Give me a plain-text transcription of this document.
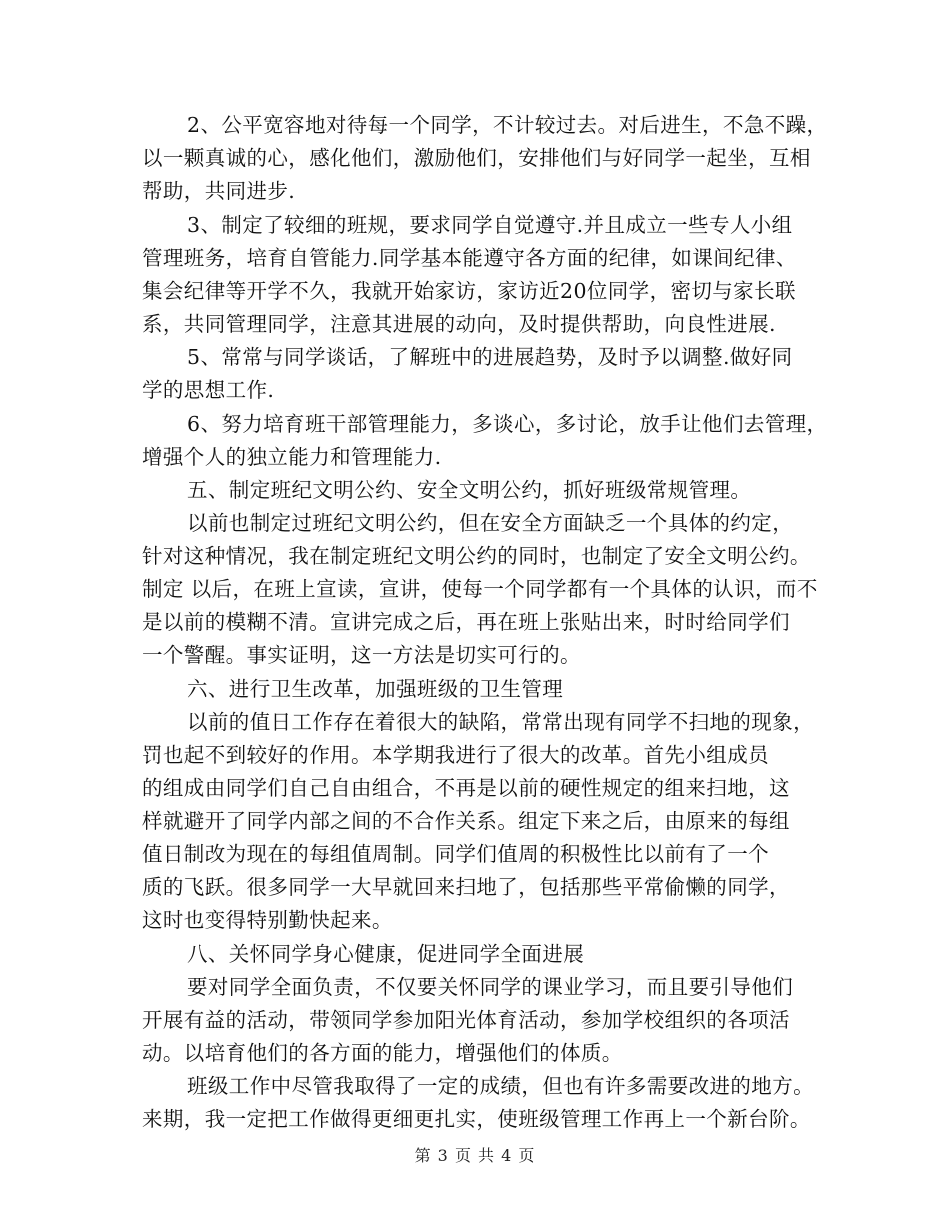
2、公平宽容地对待每一个同学，不计较过去。对后进生，不急不躁，
以一颗真诚的心，感化他们，激励他们，安排他们与好同学一起坐，互相
帮助，共同进步.
3、制定了较细的班规，要求同学自觉遵守.并且成立一些专人小组
管理班务，培育自管能力.同学基本能遵守各方面的纪律，如课间纪律、
集会纪律等开学不久，我就开始家访，家访近20位同学，密切与家长联
系，共同管理同学，注意其进展的动向，及时提供帮助，向良性进展.
5、常常与同学谈话，了解班中的进展趋势，及时予以调整.做好同
学的思想工作.
6、努力培育班干部管理能力，多谈心，多讨论，放手让他们去管理，
增强个人的独立能力和管理能力.
五、制定班纪文明公约、安全文明公约，抓好班级常规管理。
以前也制定过班纪文明公约，但在安全方面缺乏一个具体的约定，
针对这种情况，我在制定班纪文明公约的同时，也制定了安全文明公约。
制定 以后，在班上宣读，宣讲，使每一个同学都有一个具体的认识，而不
是以前的模糊不清。宣讲完成之后，再在班上张贴出来，时时给同学们
一个警醒。事实证明，这一方法是切实可行的。
六、进行卫生改革，加强班级的卫生管理
以前的值日工作存在着很大的缺陷，常常出现有同学不扫地的现象，
罚也起不到较好的作用。本学期我进行了很大的改革。首先小组成员
的组成由同学们自己自由组合，不再是以前的硬性规定的组来扫地，这
样就避开了同学内部之间的不合作关系。组定下来之后，由原来的每组
值日制改为现在的每组值周制。同学们值周的积极性比以前有了一个
质的飞跃。很多同学一大早就回来扫地了，包括那些平常偷懒的同学，
这时也变得特别勤快起来。
八、关怀同学身心健康，促进同学全面进展
要对同学全面负责，不仅要关怀同学的课业学习，而且要引导他们
开展有益的活动，带领同学参加阳光体育活动，参加学校组织的各项活
动。以培育他们的各方面的能力，增强他们的体质。
班级工作中尽管我取得了一定的成绩，但也有许多需要改进的地方。
来期，我一定把工作做得更细更扎实，使班级管理工作再上一个新台阶。
第 3 页 共 4 页
